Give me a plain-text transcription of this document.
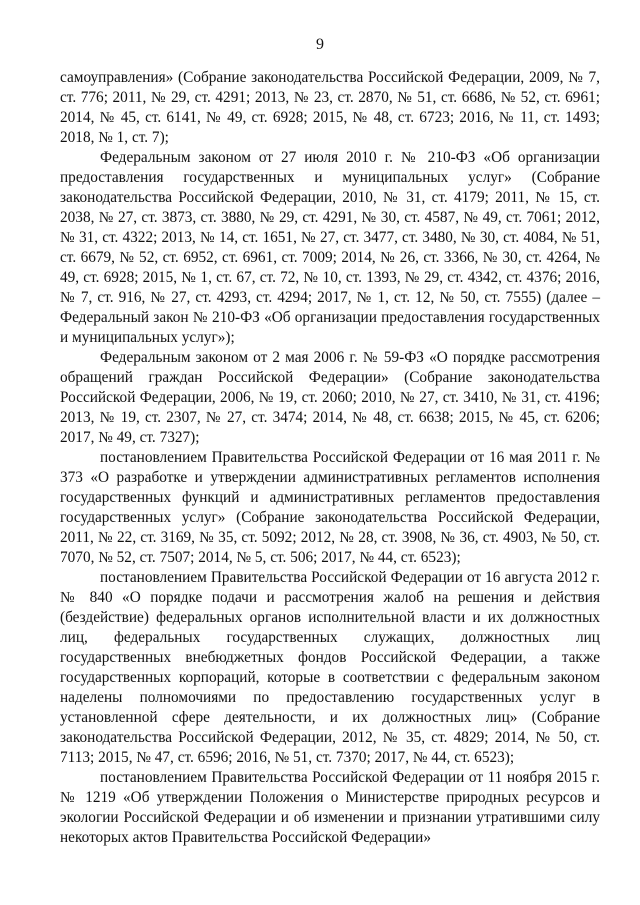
9

самоуправления» (Собрание законодательства Российской Федерации, 2009, № 7, ст. 776; 2011, № 29, ст. 4291; 2013, № 23, ст. 2870, № 51, ст. 6686, № 52, ст. 6961; 2014, № 45, ст. 6141, № 49, ст. 6928; 2015, № 48, ст. 6723; 2016, № 11, ст. 1493; 2018, № 1, ст. 7);

Федеральным законом от 27 июля 2010 г. № 210-ФЗ «Об организации предоставления государственных и муниципальных услуг» (Собрание законодательства Российской Федерации, 2010, № 31, ст. 4179; 2011, № 15, ст. 2038, № 27, ст. 3873, ст. 3880, № 29, ст. 4291, № 30, ст. 4587, № 49, ст. 7061; 2012, № 31, ст. 4322; 2013, № 14, ст. 1651, № 27, ст. 3477, ст. 3480, № 30, ст. 4084, № 51, ст. 6679, № 52, ст. 6952, ст. 6961, ст. 7009; 2014, № 26, ст. 3366, № 30, ст. 4264, № 49, ст. 6928; 2015, № 1, ст. 67, ст. 72, № 10, ст. 1393, № 29, ст. 4342, ст. 4376; 2016, № 7, ст. 916, № 27, ст. 4293, ст. 4294; 2017, № 1, ст. 12, № 50, ст. 7555) (далее – Федеральный закон № 210-ФЗ «Об организации предоставления государственных и муниципальных услуг»);

Федеральным законом от 2 мая 2006 г. № 59-ФЗ «О порядке рассмотрения обращений граждан Российской Федерации» (Собрание законодательства Российской Федерации, 2006, № 19, ст. 2060; 2010, № 27, ст. 3410, № 31, ст. 4196; 2013, № 19, ст. 2307, № 27, ст. 3474; 2014, № 48, ст. 6638; 2015, № 45, ст. 6206; 2017, № 49, ст. 7327);

постановлением Правительства Российской Федерации от 16 мая 2011 г. № 373 «О разработке и утверждении административных регламентов исполнения государственных функций и административных регламентов предоставления государственных услуг» (Собрание законодательства Российской Федерации, 2011, № 22, ст. 3169, № 35, ст. 5092; 2012, № 28, ст. 3908, № 36, ст. 4903, № 50, ст. 7070, № 52, ст. 7507; 2014, № 5, ст. 506; 2017, № 44, ст. 6523);

постановлением Правительства Российской Федерации от 16 августа 2012 г. № 840 «О порядке подачи и рассмотрения жалоб на решения и действия (бездействие) федеральных органов исполнительной власти и их должностных лиц, федеральных государственных служащих, должностных лиц государственных внебюджетных фондов Российской Федерации, а также государственных корпораций, которые в соответствии с федеральным законом наделены полномочиями по предоставлению государственных услуг в установленной сфере деятельности, и их должностных лиц» (Собрание законодательства Российской Федерации, 2012, № 35, ст. 4829; 2014, № 50, ст. 7113; 2015, № 47, ст. 6596; 2016, № 51, ст. 7370; 2017, № 44, ст. 6523);

постановлением Правительства Российской Федерации от 11 ноября 2015 г. № 1219 «Об утверждении Положения о Министерстве природных ресурсов и экологии Российской Федерации и об изменении и признании утратившими силу некоторых актов Правительства Российской Федерации»
